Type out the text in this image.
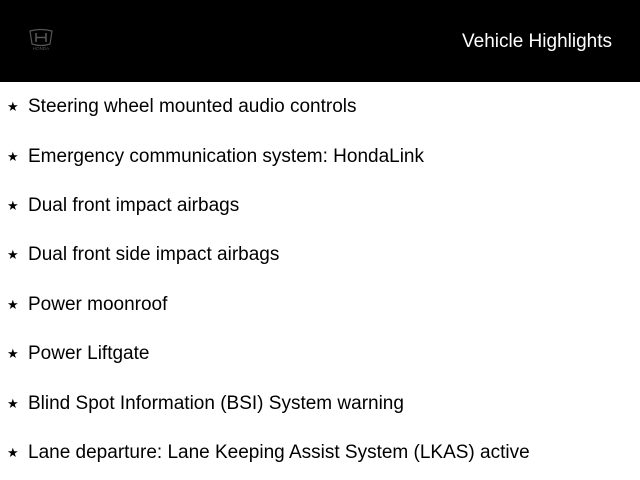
HONDA	Vehicle Highlights
★ Steering wheel mounted audio controls
★ Emergency communication system: HondaLink
★ Dual front impact airbags
★ Dual front side impact airbags
★ Power moonroof
★ Power Liftgate
★ Blind Spot Information (BSI) System warning
★ Lane departure: Lane Keeping Assist System (LKAS) active
